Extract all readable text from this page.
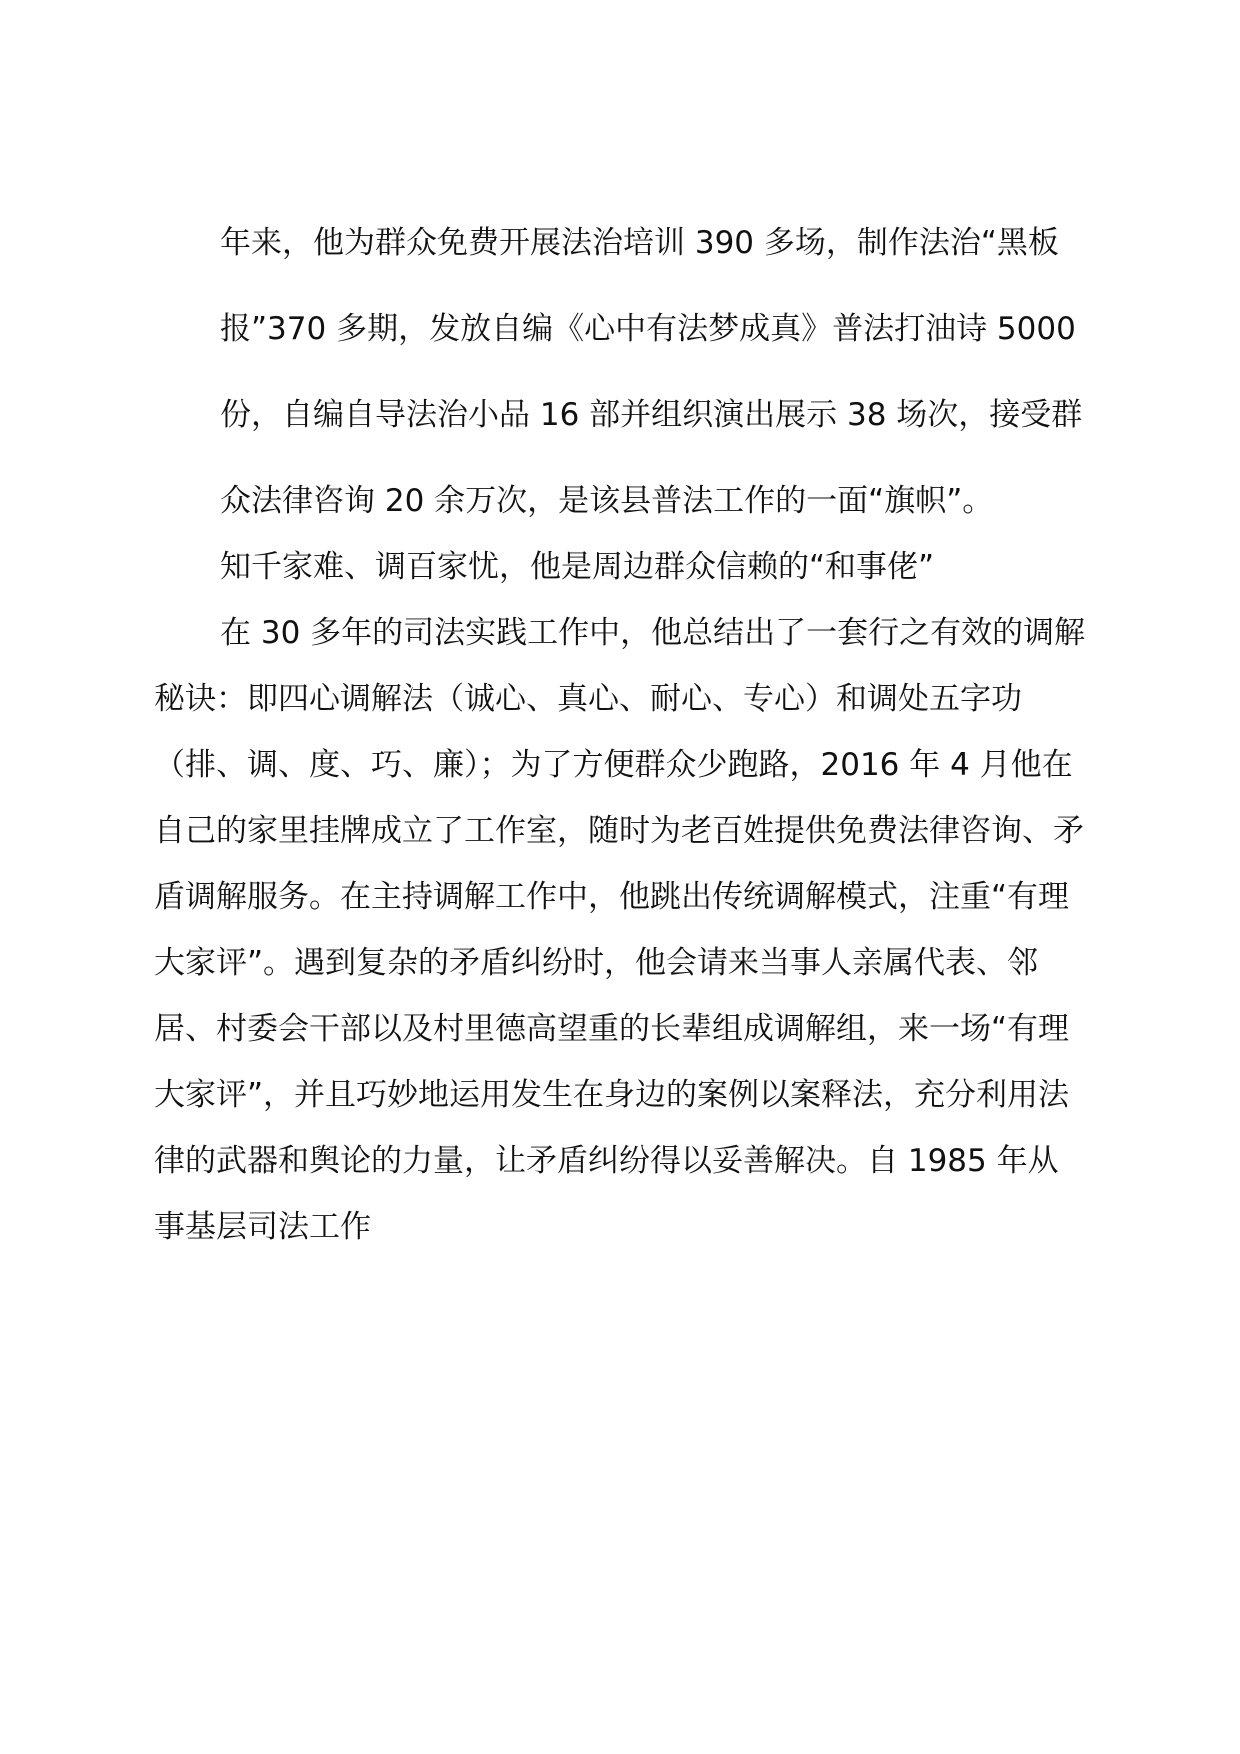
年来，他为群众免费开展法治培训 390 多场，制作法治“黑板

报”370 多期，发放自编《心中有法梦成真》普法打油诗 5000

份，自编自导法治小品 16 部并组织演出展示 38 场次，接受群

众法律咨询 20 余万次，是该县普法工作的一面“旗帜”。

知千家难、调百家忧，他是周边群众信赖的“和事佬”

在 30 多年的司法实践工作中，他总结出了一套行之有效的调解秘诀：即四心调解法（诚心、真心、耐心、专心）和调处五字功（排、调、度、巧、廉）；为了方便群众少跑路，2016 年 4 月他在自己的家里挂牌成立了工作室，随时为老百姓提供免费法律咨询、矛盾调解服务。在主持调解工作中，他跳出传统调解模式，注重“有理大家评”。遇到复杂的矛盾纠纷时，他会请来当事人亲属代表、邻居、村委会干部以及村里德高望重的长辈组成调解组，来一场“有理大家评”，并且巧妙地运用发生在身边的案例以案释法，充分利用法律的武器和舆论的力量，让矛盾纠纷得以妥善解决。自 1985 年从事基层司法工作
